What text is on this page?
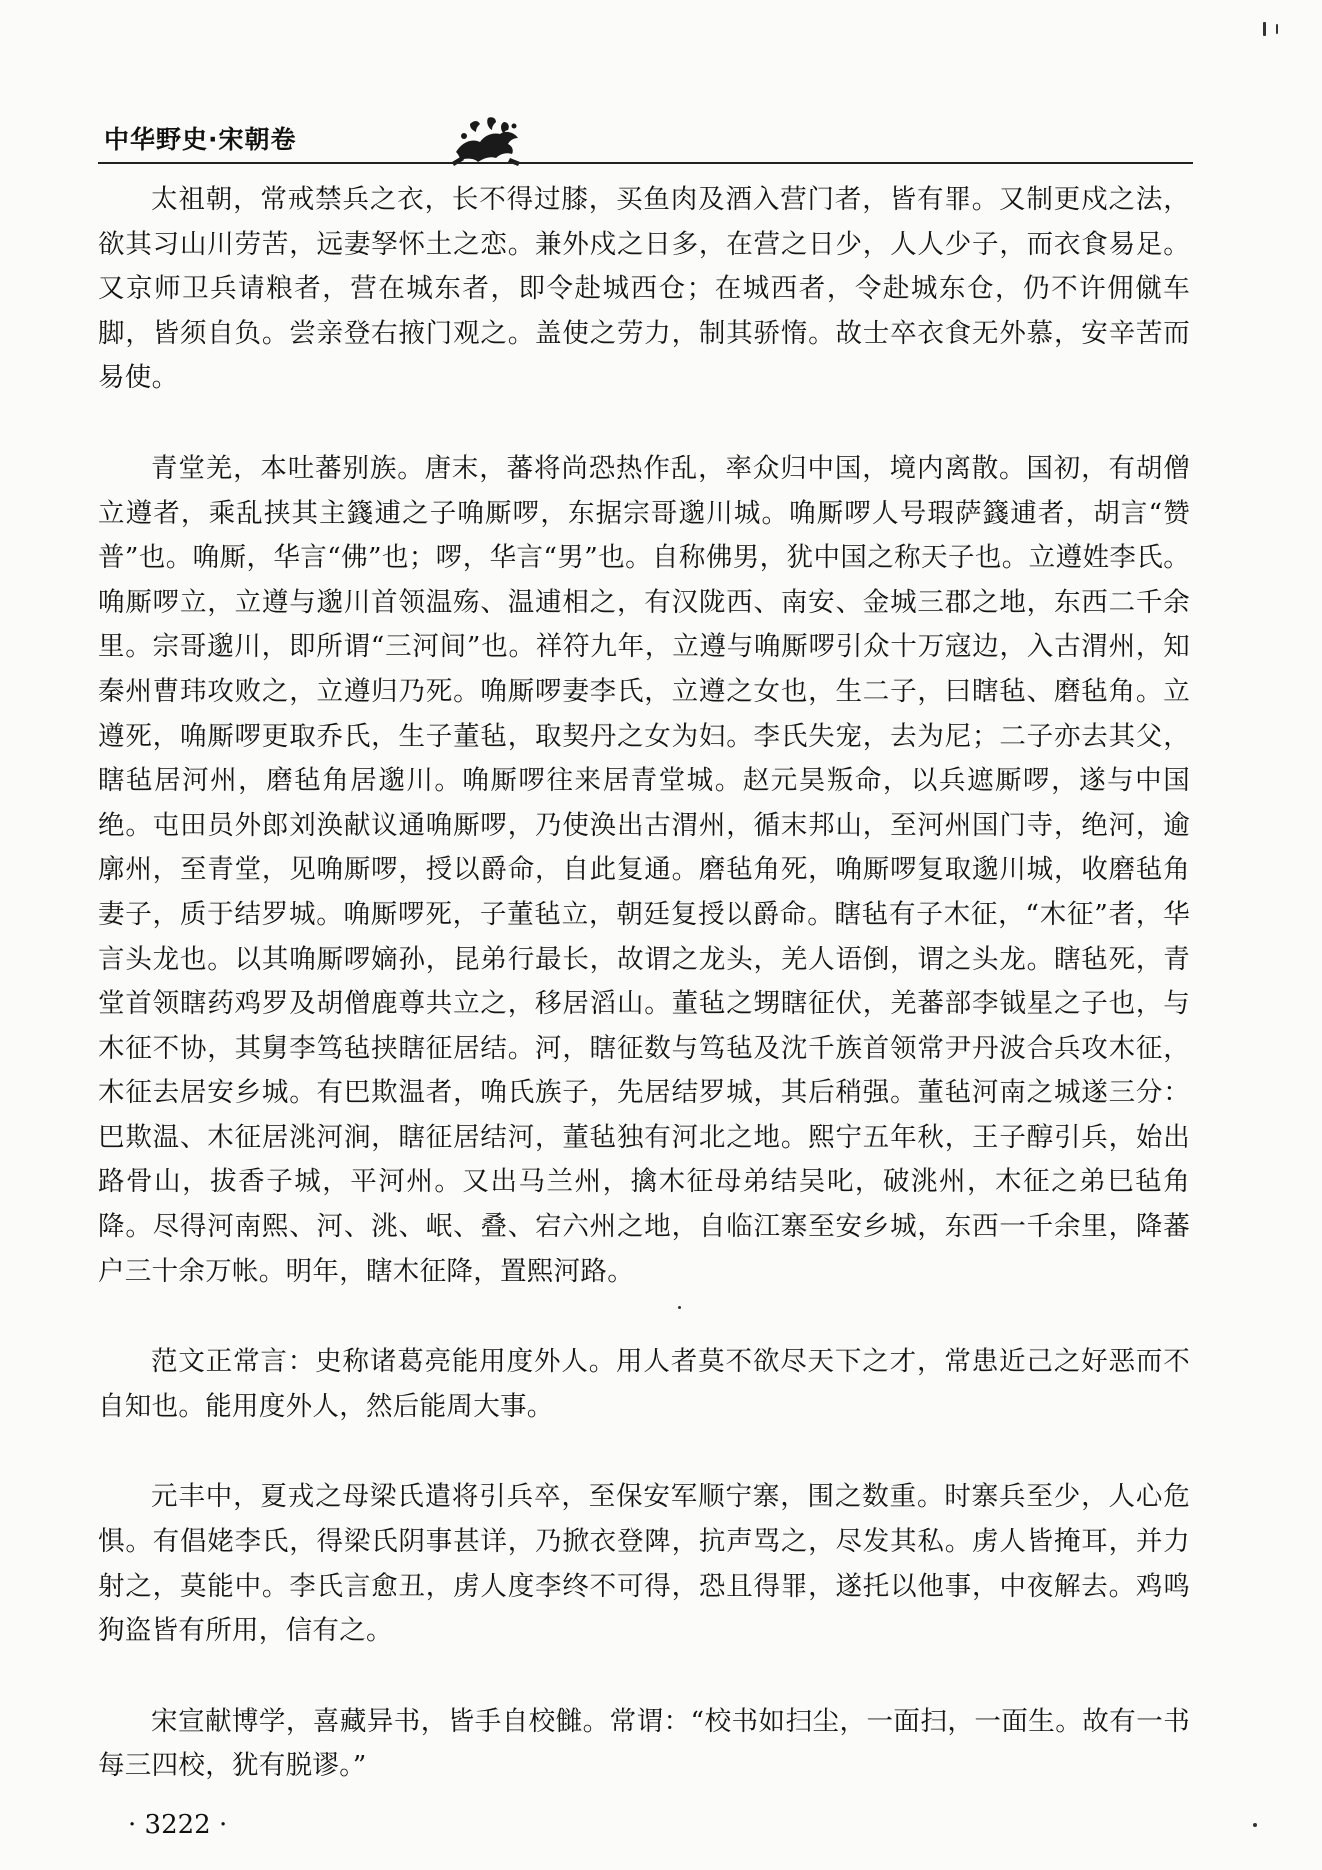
中华野史·宋朝卷

太祖朝，常戒禁兵之衣，长不得过膝，买鱼肉及酒入营门者，皆有罪。又制更戍之法，欲其习山川劳苦，远妻孥怀土之恋。兼外戍之日多，在营之日少，人人少子，而衣食易足。又京师卫兵请粮者，营在城东者，即令赴城西仓；在城西者，令赴城东仓，仍不许佣僦车脚，皆须自负。尝亲登右掖门观之。盖使之劳力，制其骄惰。故士卒衣食无外慕，安辛苦而易使。

青堂羌，本吐蕃别族。唐末，蕃将尚恐热作乱，率众归中国，境内离散。国初，有胡僧立遵者，乘乱挟其主籛逋之子唃厮啰，东据宗哥邈川城。唃厮啰人号瑕萨籛逋者，胡言“赞普”也。唃厮，华言“佛”也；啰，华言“男”也。自称佛男，犹中国之称天子也。立遵姓李氏。唃厮啰立，立遵与邈川首领温殇、温逋相之，有汉陇西、南安、金城三郡之地，东西二千余里。宗哥邈川，即所谓“三河间”也。祥符九年，立遵与唃厮啰引众十万寇边，入古渭州，知秦州曹玮攻败之，立遵归乃死。唃厮啰妻李氏，立遵之女也，生二子，曰瞎毡、磨毡角。立遵死，唃厮啰更取乔氏，生子董毡，取契丹之女为妇。李氏失宠，去为尼；二子亦去其父，瞎毡居河州，磨毡角居邈川。唃厮啰往来居青堂城。赵元昊叛命，以兵遮厮啰，遂与中国绝。屯田员外郎刘涣献议通唃厮啰，乃使涣出古渭州，循末邦山，至河州国门寺，绝河，逾廓州，至青堂，见唃厮啰，授以爵命，自此复通。磨毡角死，唃厮啰复取邈川城，收磨毡角妻子，质于结罗城。唃厮啰死，子董毡立，朝廷复授以爵命。瞎毡有子木征，“木征”者，华言头龙也。以其唃厮啰嫡孙，昆弟行最长，故谓之龙头，羌人语倒，谓之头龙。瞎毡死，青堂首领瞎药鸡罗及胡僧鹿尊共立之，移居滔山。董毡之甥瞎征伏，羌蕃部李钺星之子也，与木征不协，其舅李笃毡挟瞎征居结。河，瞎征数与笃毡及沈千族首领常尹丹波合兵攻木征，木征去居安乡城。有巴欺温者，唃氏族子，先居结罗城，其后稍强。董毡河南之城遂三分：巴欺温、木征居洮河涧，瞎征居结河，董毡独有河北之地。熙宁五年秋，王子醇引兵，始出路骨山，拔香子城，平河州。又出马兰州，擒木征母弟结吴叱，破洮州，木征之弟巳毡角降。尽得河南熙、河、洮、岷、叠、宕六州之地，自临江寨至安乡城，东西一千余里，降蕃户三十余万帐。明年，瞎木征降，置熙河路。

范文正常言：史称诸葛亮能用度外人。用人者莫不欲尽天下之才，常患近己之好恶而不自知也。能用度外人，然后能周大事。

元丰中，夏戎之母梁氏遣将引兵卒，至保安军顺宁寨，围之数重。时寨兵至少，人心危惧。有倡姥李氏，得梁氏阴事甚详，乃掀衣登陴，抗声骂之，尽发其私。虏人皆掩耳，并力射之，莫能中。李氏言愈丑，虏人度李终不可得，恐且得罪，遂托以他事，中夜解去。鸡鸣狗盗皆有所用，信有之。

宋宣献博学，喜藏异书，皆手自校雠。常谓：“校书如扫尘，一面扫，一面生。故有一书每三四校，犹有脱谬。”

· 3222 ·
